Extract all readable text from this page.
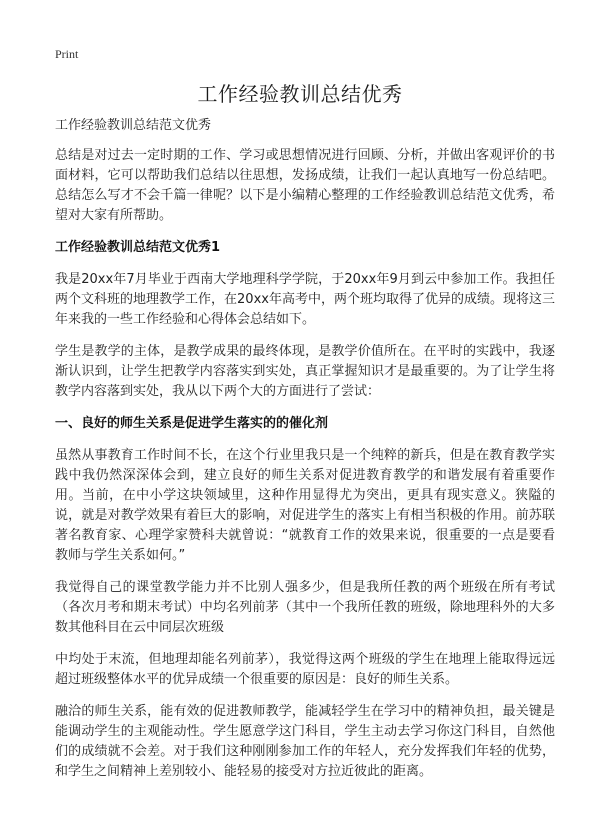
Print
工作经验教训总结优秀

工作经验教训总结范文优秀

总结是对过去一定时期的工作、学习或思想情况进行回顾、分析，并做出客观评价的书面材料，它可以帮助我们总结以往思想，发扬成绩，让我们一起认真地写一份总结吧。总结怎么写才不会千篇一律呢？以下是小编精心整理的工作经验教训总结范文优秀，希望对大家有所帮助。

工作经验教训总结范文优秀1

我是20xx年7月毕业于西南大学地理科学学院，于20xx年9月到云中参加工作。我担任两个文科班的地理教学工作，在20xx年高考中，两个班均取得了优异的成绩。现将这三年来我的一些工作经验和心得体会总结如下。

学生是教学的主体，是教学成果的最终体现，是教学价值所在。在平时的实践中，我逐渐认识到，让学生把教学内容落实到实处，真正掌握知识才是最重要的。为了让学生将教学内容落到实处，我从以下两个大的方面进行了尝试：

一、良好的师生关系是促进学生落实的的催化剂

虽然从事教育工作时间不长，在这个行业里我只是一个纯粹的新兵，但是在教育教学实践中我仍然深深体会到，建立良好的师生关系对促进教育教学的和谐发展有着重要作用。当前，在中小学这块领域里，这种作用显得尤为突出，更具有现实意义。狭隘的说，就是对教学效果有着巨大的影响，对促进学生的落实上有相当积极的作用。前苏联著名教育家、心理学家赞科夫就曾说：“就教育工作的效果来说，很重要的一点是要看教师与学生关系如何。”

我觉得自己的课堂教学能力并不比别人强多少，但是我所任教的两个班级在所有考试（各次月考和期末考试）中均名列前茅（其中一个我所任教的班级，除地理科外的大多数其他科目在云中同层次班级

中均处于末流，但地理却能名列前茅），我觉得这两个班级的学生在地理上能取得远远超过班级整体水平的优异成绩一个很重要的原因是：良好的师生关系。

融洽的师生关系，能有效的促进教师教学，能减轻学生在学习中的精神负担，最关键是能调动学生的主观能动性。学生愿意学这门科目，学生主动去学习你这门科目，自然他们的成绩就不会差。对于我们这种刚刚参加工作的年轻人，充分发挥我们年轻的优势，和学生之间精神上差别较小、能轻易的接受对方拉近彼此的距离。
